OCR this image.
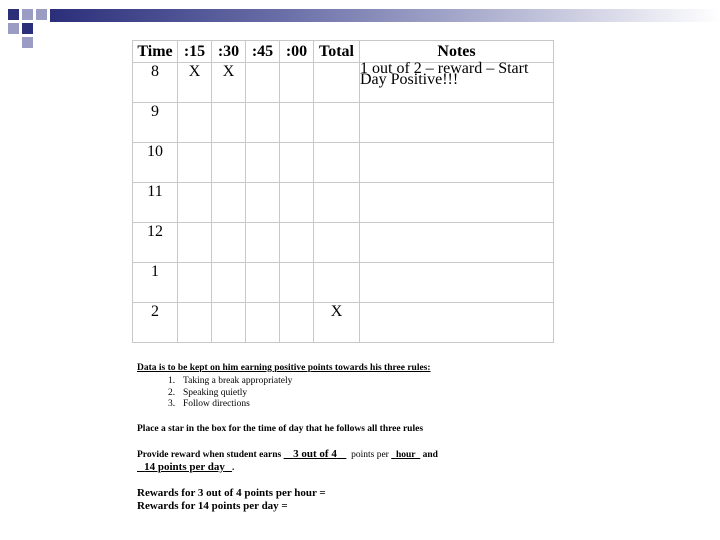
Time	:15	:30	:45	:00	Total	Notes
8	X	X				1 out of 2 – reward – Start Day Positive!!!
9						
10						
11						
12						
1						
2					X	
Data is to be kept on him earning positive points towards his three rules:
1. Taking a break appropriately
2. Speaking quietly
3. Follow directions
Place a star in the box for the time of day that he follows all three rules
Provide reward when student earns 3 out of 4 points per hour and
14 points per day .
Rewards for 3 out of 4 points per hour =
Rewards for 14 points per day =
